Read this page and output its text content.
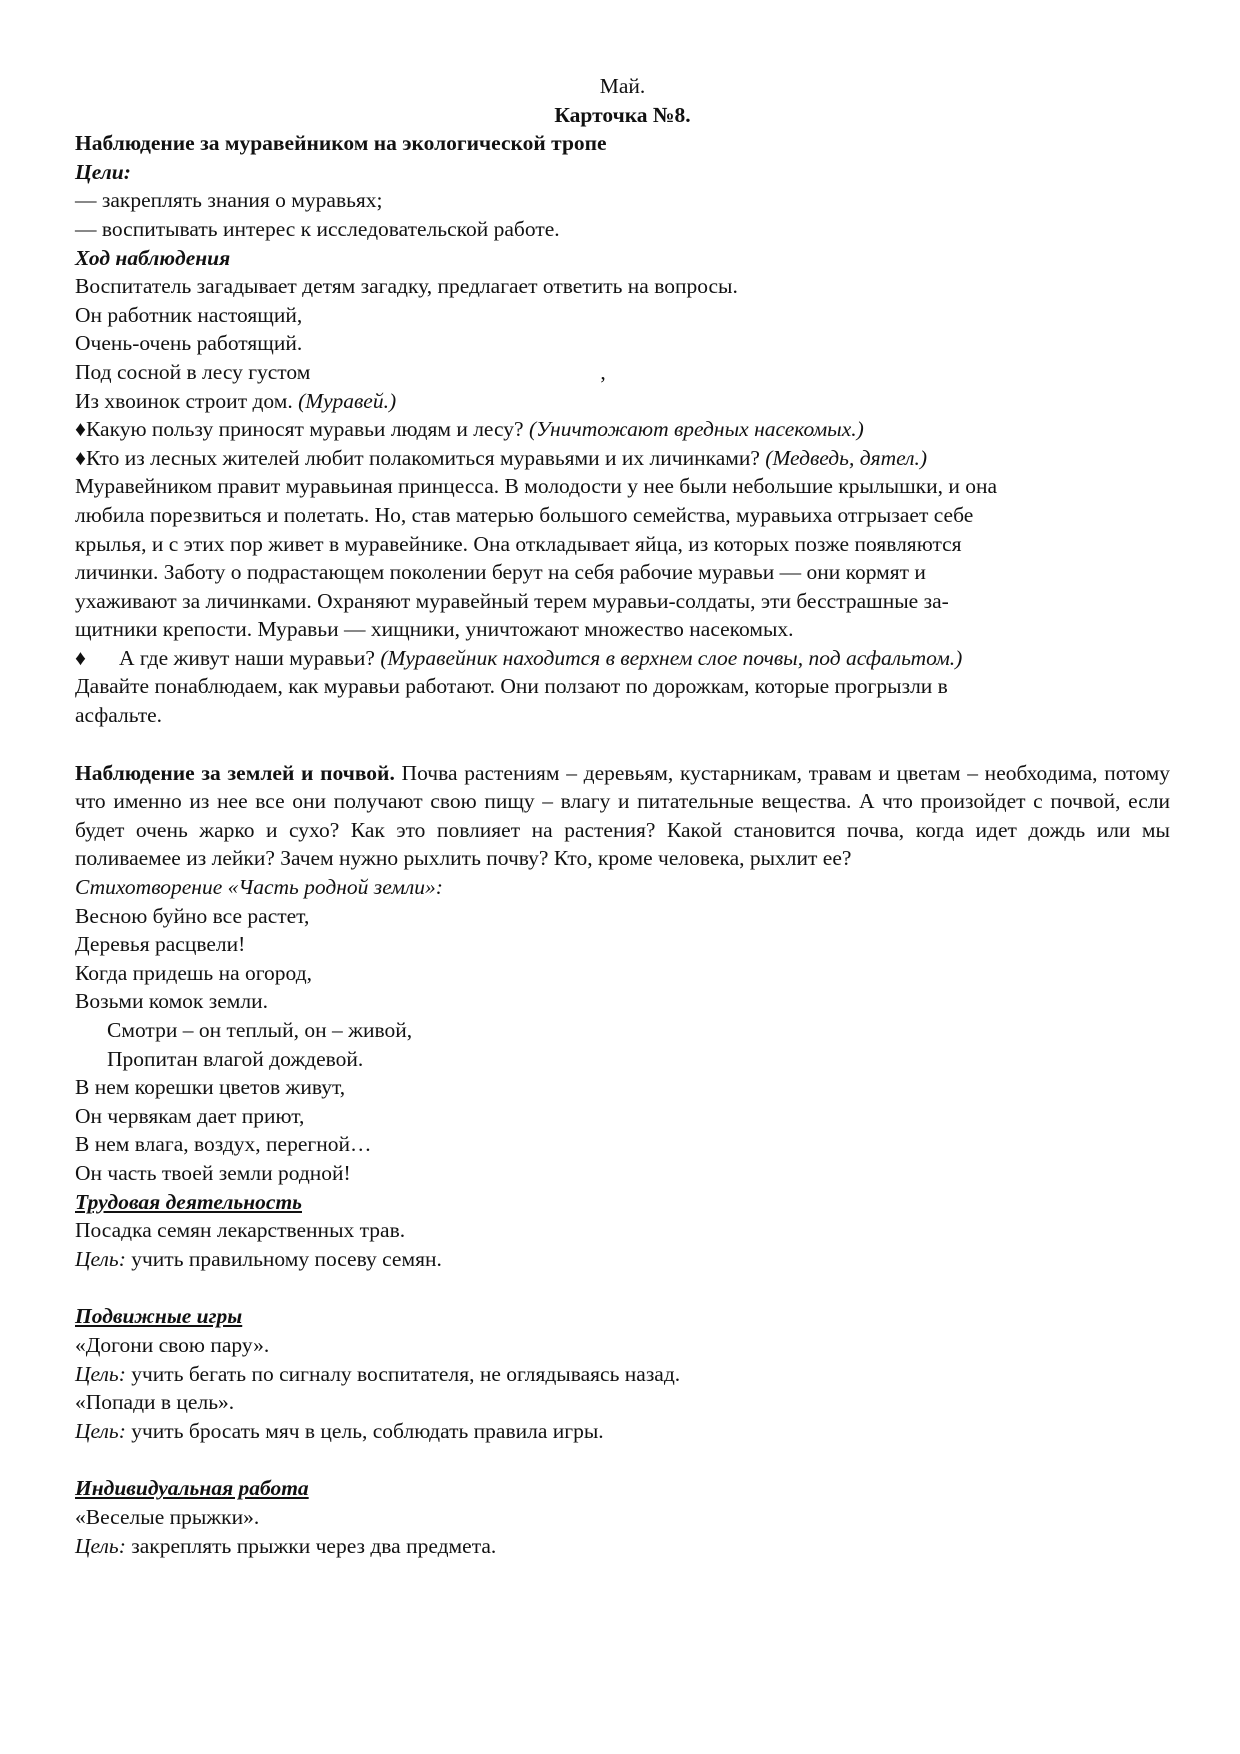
Май.
Карточка №8.
Наблюдение за муравейником на экологической тропе
Цели:
— закреплять знания о муравьях;
— воспитывать интерес к исследовательской работе.
Ход наблюдения
Воспитатель загадывает детям загадку, предлагает ответить на вопросы.
Он работник настоящий,
Очень-очень работящий.
Под сосной в лесу густом	,
Из хвоинок строит дом. (Муравей.)
♦Какую пользу приносят муравьи людям и лесу? (Уничтожают вредных насекомых.)
♦Кто из лесных жителей любит полакомиться муравьями и их личинками? (Медведь, дятел.)
Муравейником правит муравьиная принцесса. В молодости у нее были небольшие крылышки, и она
любила порезвиться и полетать. Но, став матерью большого семейства, муравьиха отгрызает себе
крылья, и с этих пор живет в муравейнике. Она откладывает яйца, из которых позже появляются
личинки. Заботу о подрастающем поколении берут на себя рабочие муравьи — они кормят и
ухаживают за личинками. Охраняют муравейный терем муравьи-солдаты, эти бесстрашные за-
щитники крепости. Муравьи — хищники, уничтожают множество насекомых.
♦ А где живут наши муравьи? (Муравейник находится в верхнем слое почвы, под асфальтом.)
Давайте понаблюдаем, как муравьи работают. Они ползают по дорожкам, которые прогрызли в
асфальте.
Наблюдение за землей и почвой. Почва растениям – деревьям, кустарникам, травам и цветам – необходима, потому что именно из нее все они получают свою пищу – влагу и питательные вещества. А что произойдет с почвой, если будет очень жарко и сухо? Как это повлияет на растения? Какой становится почва, когда идет дождь или мы поливаемее из лейки? Зачем нужно рыхлить почву? Кто, кроме человека, рыхлит ее?
Стихотворение «Часть родной земли»:
Весною буйно все растет,
Деревья расцвели!
Когда придешь на огород,
Возьми комок земли.
Смотри – он теплый, он – живой,
Пропитан влагой дождевой.
В нем корешки цветов живут,
Он червякам дает приют,
В нем влага, воздух, перегной…
Он часть твоей земли родной!
Трудовая деятельность
Посадка семян лекарственных трав.
Цель: учить правильному посеву семян.
Подвижные игры
«Догони свою пару».
Цель: учить бегать по сигналу воспитателя, не оглядываясь назад.
«Попади в цель».
Цель: учить бросать мяч в цель, соблюдать правила игры.
Индивидуальная работа
«Веселые прыжки».
Цель: закреплять прыжки через два предмета.
